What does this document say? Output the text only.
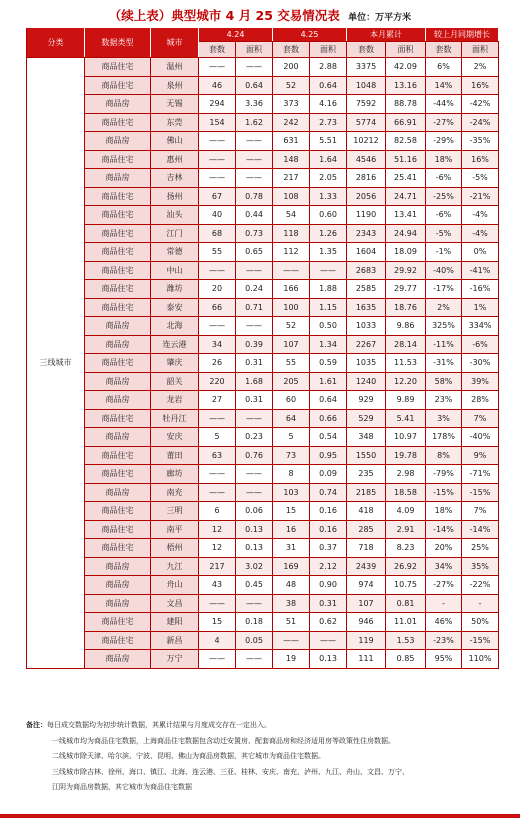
（续上表）典型城市 4 月 25 交易情况表 单位：万平方米
分类	数据类型	城市	4.24		4.25		本月累计		较上月同期增长	
			套数	面积	套数	面积	套数	面积	套数	面积
三线城市	商品住宅	温州	——	——	200	2.88	3375	42.09	6%	2%
	商品住宅	泉州	46	0.64	52	0.64	1048	13.16	14%	16%
	商品房	无锡	294	3.36	373	4.16	7592	88.78	-44%	-42%
	商品住宅	东莞	154	1.62	242	2.73	5774	66.91	-27%	-24%
	商品房	佛山	——	——	631	5.51	10212	82.58	-29%	-35%
	商品住宅	惠州	——	——	148	1.64	4546	51.16	18%	16%
	商品房	吉林	——	——	217	2.05	2816	25.41	-6%	-5%
	商品住宅	扬州	67	0.78	108	1.33	2056	24.71	-25%	-21%
	商品住宅	汕头	40	0.44	54	0.60	1190	13.41	-6%	-4%
	商品住宅	江门	68	0.73	118	1.26	2343	24.94	-5%	-4%
	商品住宅	常德	55	0.65	112	1.35	1604	18.09	-1%	0%
	商品住宅	中山	——	——	——	——	2683	29.92	-40%	-41%
	商品住宅	潍坊	20	0.24	166	1.88	2585	29.77	-17%	-16%
	商品住宅	泰安	66	0.71	100	1.15	1635	18.76	2%	1%
	商品房	北海	——	——	52	0.50	1033	9.86	325%	334%
	商品房	连云港	34	0.39	107	1.34	2267	28.14	-11%	-6%
	商品住宅	肇庆	26	0.31	55	0.59	1035	11.53	-31%	-30%
	商品房	韶关	220	1.68	205	1.61	1240	12.20	58%	39%
	商品房	龙岩	27	0.31	60	0.64	929	9.89	23%	28%
	商品住宅	牡丹江	——	——	64	0.66	529	5.41	3%	7%
	商品房	安庆	5	0.23	5	0.54	348	10.97	178%	-40%
	商品住宅	莆田	63	0.76	73	0.95	1550	19.78	8%	9%
	商品住宅	廊坊	——	——	8	0.09	235	2.98	-79%	-71%
	商品房	南充	——	——	103	0.74	2185	18.58	-15%	-15%
	商品住宅	三明	6	0.06	15	0.16	418	4.09	18%	7%
	商品住宅	南平	12	0.13	16	0.16	285	2.91	-14%	-14%
	商品住宅	梧州	12	0.13	31	0.37	718	8.23	20%	25%
	商品房	九江	217	3.02	169	2.12	2439	26.92	34%	35%
	商品房	舟山	43	0.45	48	0.90	974	10.75	-27%	-22%
	商品房	文昌	——	——	38	0.31	107	0.81	-	-
	商品住宅	建阳	15	0.18	51	0.62	946	11.01	46%	50%
	商品住宅	新昌	4	0.05	——	——	119	1.53	-23%	-15%
	商品房	万宁	——	——	19	0.13	111	0.85	95%	110%
备注：每日成交数据均为初步统计数据，其累计结果与月度成交存在一定出入。
一线城市均为商品住宅数据，上海商品住宅数据包含动迁安置房、配套商品房和经济适用房等政策性住房数据。
二线城市除天津、哈尔滨、宁波、昆明、佛山为商品房数据，其它城市为商品住宅数据。
三线城市除吉林、徐州、海口、镇江、北海、连云港、三亚、桂林、安庆、南充、泸州、九江、舟山、文昌、万宁、
江阴为商品房数据，其它城市为商品住宅数据
